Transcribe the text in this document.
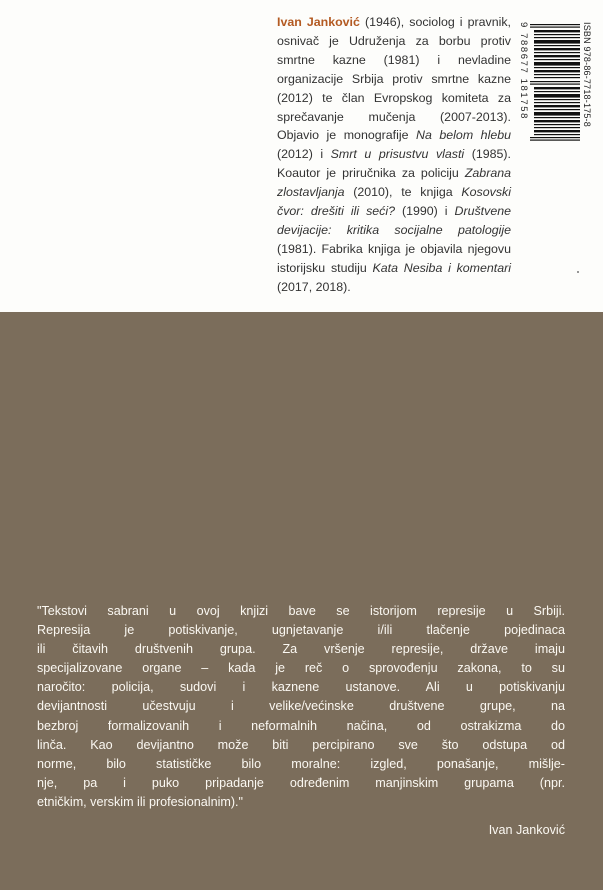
Ivan Janković (1946), sociolog i pravnik, osnivač je Udruženja za borbu protiv smrtne kazne (1981) i nevladine organizacije Srbija protiv smrtne kazne (2012) te član Evropskog komiteta za sprečavanje mučenja (2007-2013). Objavio je monografije Na belom hlebu (2012) i Smrt u prisustvu vlasti (1985). Koautor je priručnika za policiju Zabrana zlostavljanja (2010), te knjiga Kosovski čvor: drešiti ili seći? (1990) i Društvene devijacije: kritika socijalne patologije (1981). Fabrika knjiga je objavila njegovu istorijsku studiju Kata Nesiba i komentari (2017, 2018).
ISBN 978-86-7718-175-8
9 788677 181758
"Tekstovi sabrani u ovoj knjizi bave se istorijom represije u Srbiji.
Represija je potiskivanje, ugnjetavanje i/ili tlačenje pojedinaca
ili čitavih društvenih grupa. Za vršenje represije, države imaju
specijalizovane organe – kada je reč o sprovođenju zakona, to su
naročito: policija, sudovi i kaznene ustanove. Ali u potiskivanju
devijantnosti učestvuju i velike/većinske društvene grupe, na
bezbroj formalizovanih i neformalnih načina, od ostrakizma do
linča. Kao devijantno može biti percipirano sve što odstupa od
norme, bilo statističke bilo moralne: izgled, ponašanje, mišlje-
nje, pa i puko pripadanje određenim manjinskim grupama (npr.
etničkim, verskim ili profesionalnim)."
Ivan Janković
